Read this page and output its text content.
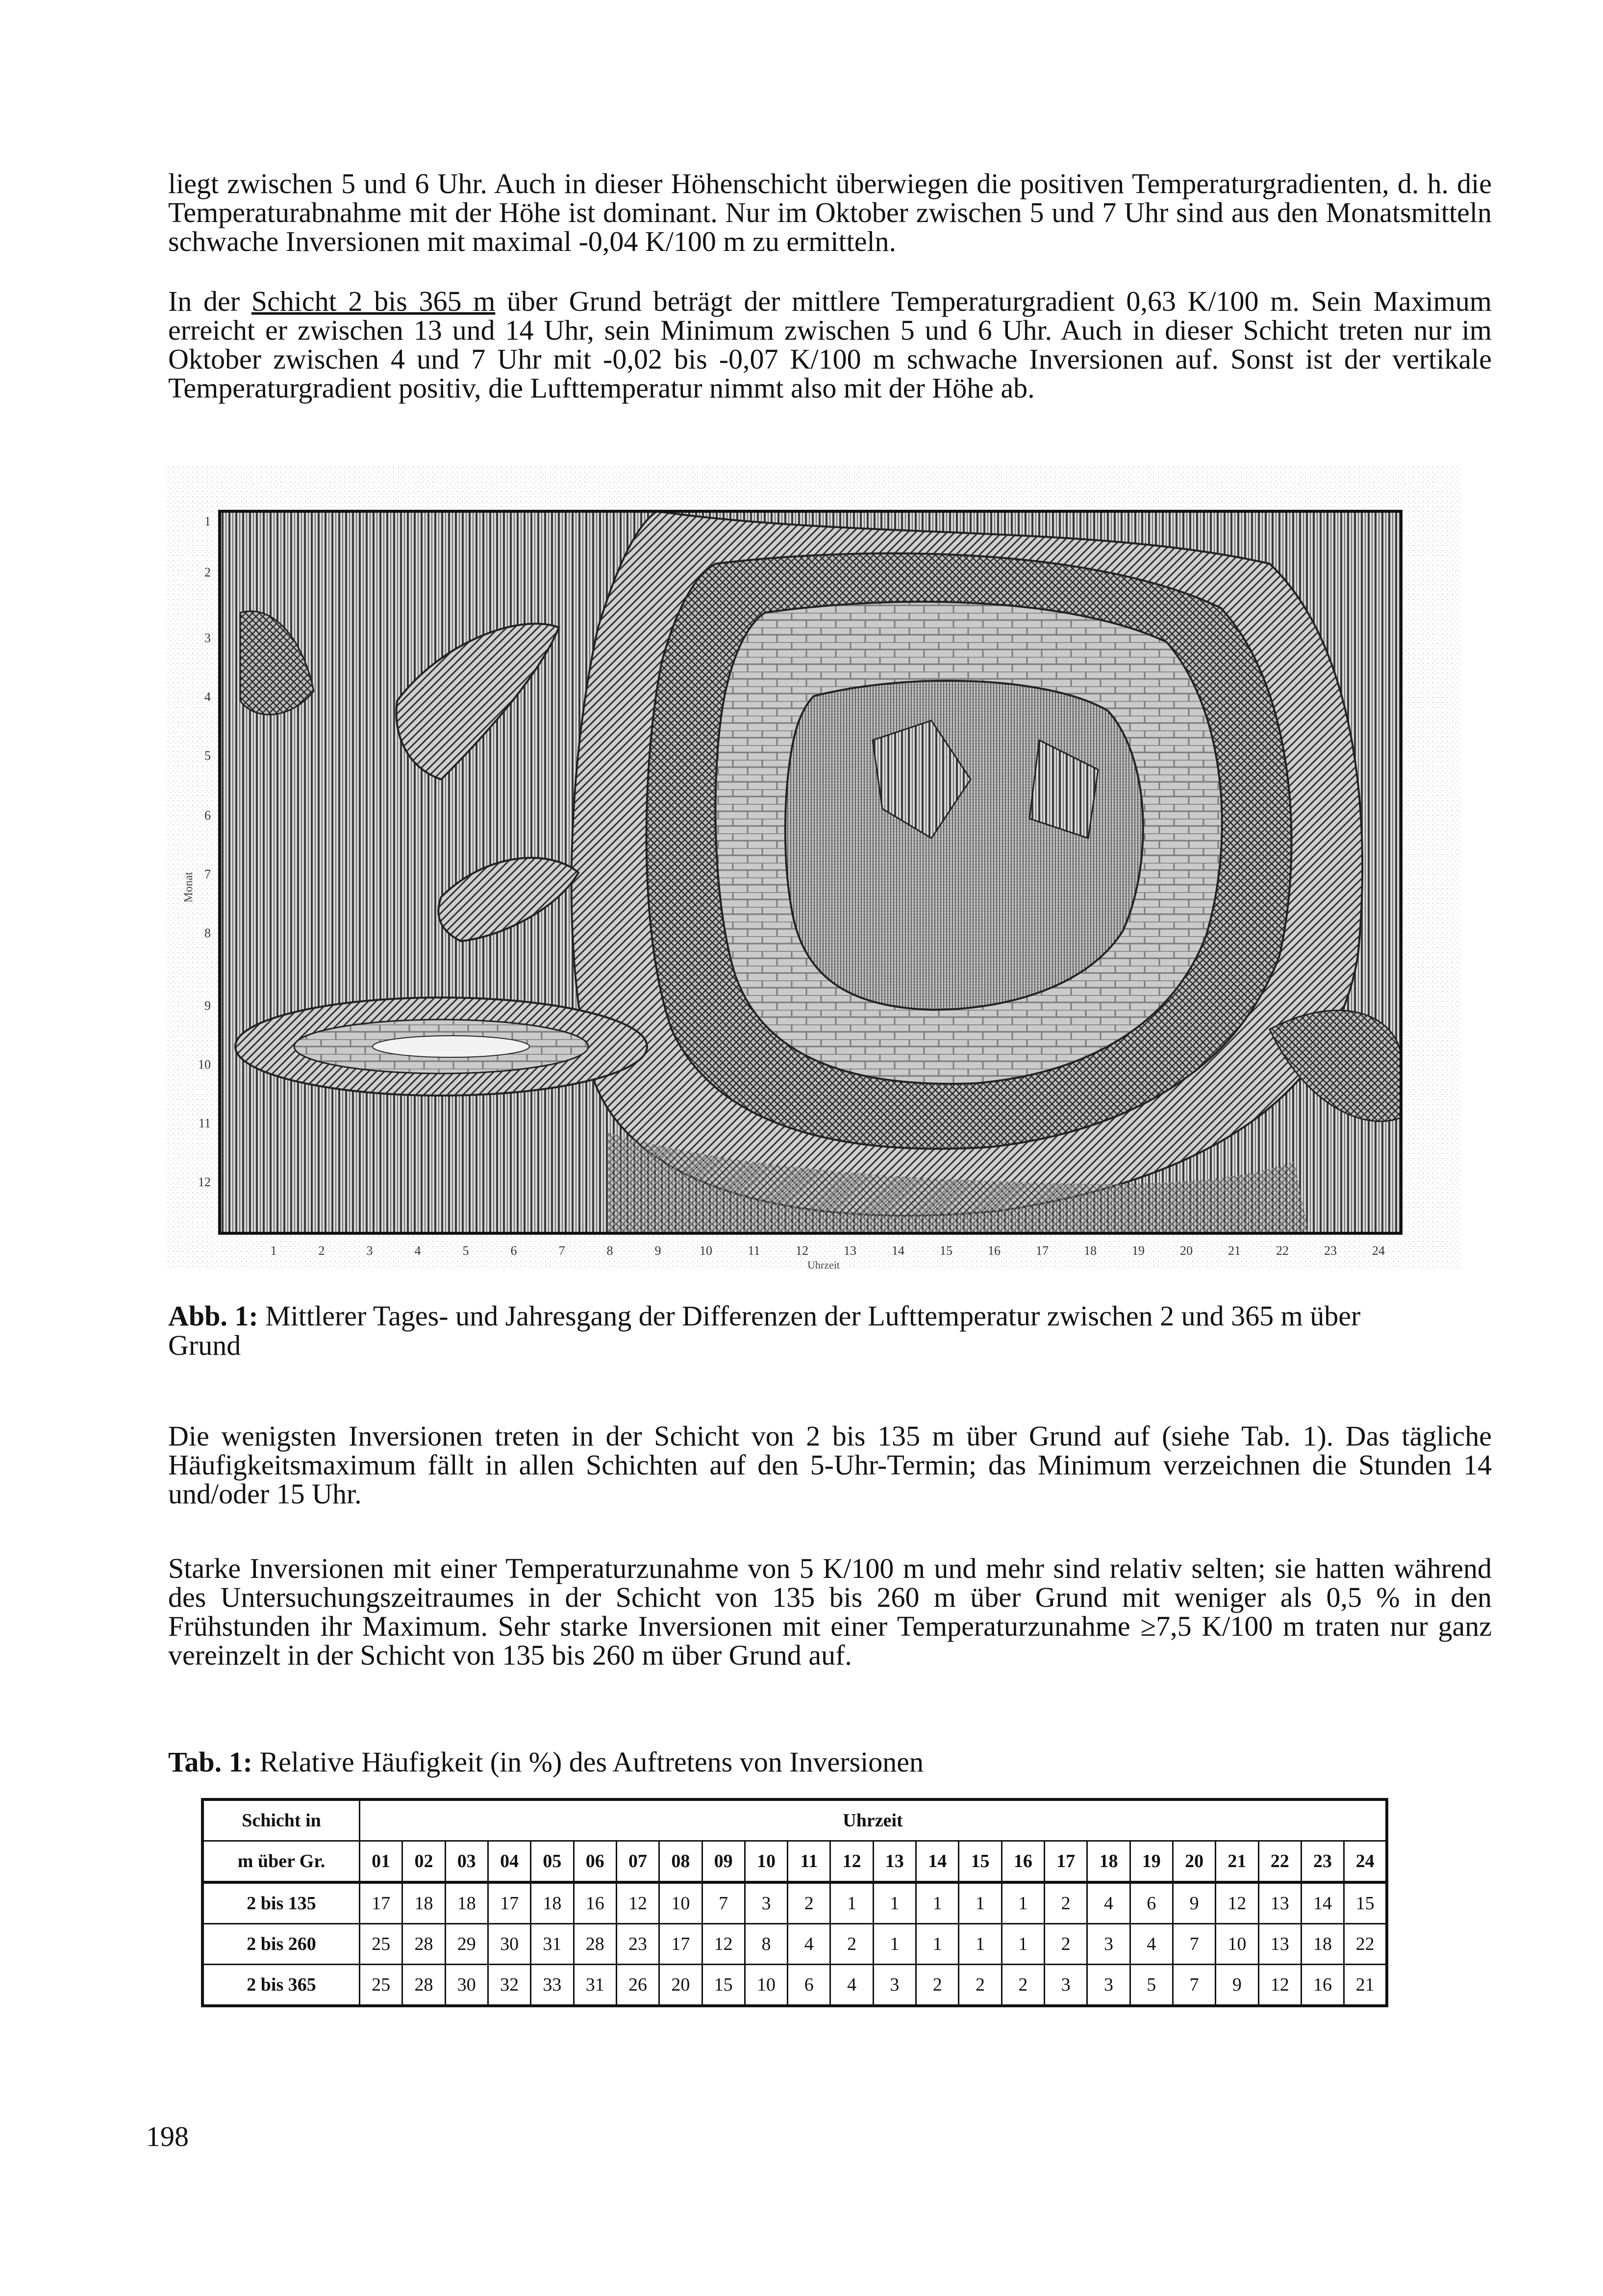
liegt zwischen 5 und 6 Uhr. Auch in dieser Höhenschicht überwiegen die positiven Temperaturgradienten, d. h. die Temperaturabnahme mit der Höhe ist dominant. Nur im Oktober zwischen 5 und 7 Uhr sind aus den Monatsmitteln schwache Inversionen mit maximal -0,04 K/100 m zu ermitteln.
In der Schicht 2 bis 365 m über Grund beträgt der mittlere Temperaturgradient 0,63 K/100 m. Sein Maximum erreicht er zwischen 13 und 14 Uhr, sein Minimum zwischen 5 und 6 Uhr. Auch in dieser Schicht treten nur im Oktober zwischen 4 und 7 Uhr mit -0,02 bis -0,07 K/100 m schwache Inversionen auf. Sonst ist der vertikale Temperaturgradient positiv, die Lufttemperatur nimmt also mit der Höhe ab.
1
2
3
4
5
6
7
8
9
10
11
12
Monat
1	2	3	4	5	6	7	8	9	10	11	12	13	14	15	16	17	18	19	20	21	22	23	24
Uhrzeit
Abb. 1: Mittlerer Tages- und Jahresgang der Differenzen der Lufttemperatur zwischen 2 und 365 m über Grund
Die wenigsten Inversionen treten in der Schicht von 2 bis 135 m über Grund auf (siehe Tab. 1). Das tägliche Häufigkeitsmaximum fällt in allen Schichten auf den 5-Uhr-Termin; das Minimum verzeichnen die Stunden 14 und/oder 15 Uhr.
Starke Inversionen mit einer Temperaturzunahme von 5 K/100 m und mehr sind relativ selten; sie hatten während des Untersuchungszeitraumes in der Schicht von 135 bis 260 m über Grund mit weniger als 0,5 % in den Frühstunden ihr Maximum. Sehr starke Inversionen mit einer Temperaturzunahme ≥7,5 K/100 m traten nur ganz vereinzelt in der Schicht von 135 bis 260 m über Grund auf.
Tab. 1: Relative Häufigkeit (in %) des Auftretens von Inversionen
Schicht in	Uhrzeit																							
m über Gr.	01	02	03	04	05	06	07	08	09	10	11	12	13	14	15	16	17	18	19	20	21	22	23	24
2 bis 135	17	18	18	17	18	16	12	10	7	3	2	1	1	1	1	1	2	4	6	9	12	13	14	15
2 bis 260	25	28	29	30	31	28	23	17	12	8	4	2	1	1	1	1	2	3	4	7	10	13	18	22
2 bis 365	25	28	30	32	33	31	26	20	15	10	6	4	3	2	2	2	3	3	5	7	9	12	16	21
198
